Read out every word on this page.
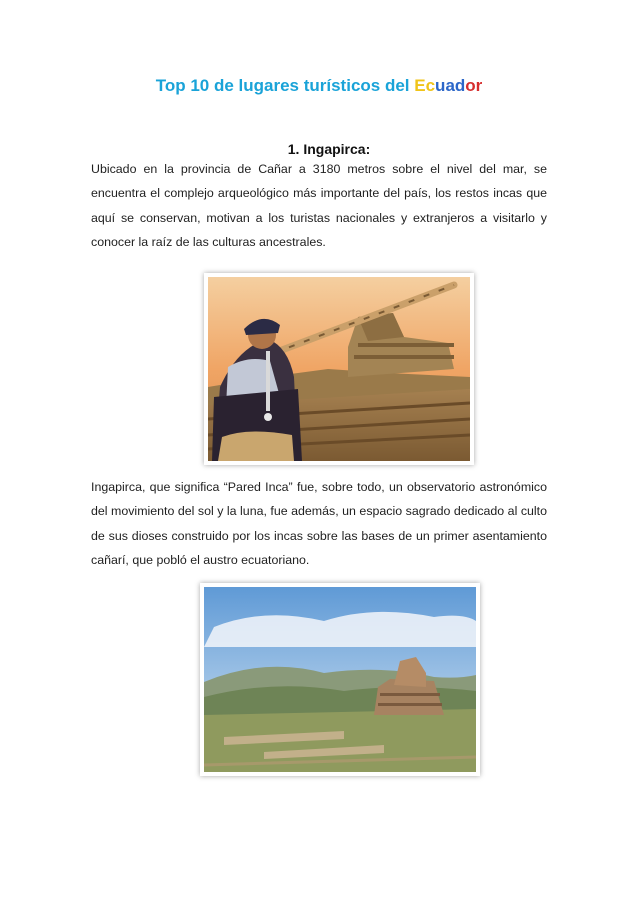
Top 10 de lugares turísticos del Ecuador
1. Ingapirca:

Ubicado en la provincia de Cañar a 3180 metros sobre el nivel del mar, se encuentra el complejo arqueológico más importante del país, los restos incas que aquí se conservan, motivan a los turistas nacionales y extranjeros a visitarlo y conocer la raíz de las culturas ancestrales.

Ingapirca, que significa “Pared Inca” fue, sobre todo, un observatorio astronómico del movimiento del sol y la luna, fue además, un espacio sagrado dedicado al culto de sus dioses construido por los incas sobre las bases de un primer asentamiento cañarí, que pobló el austro ecuatoriano.
